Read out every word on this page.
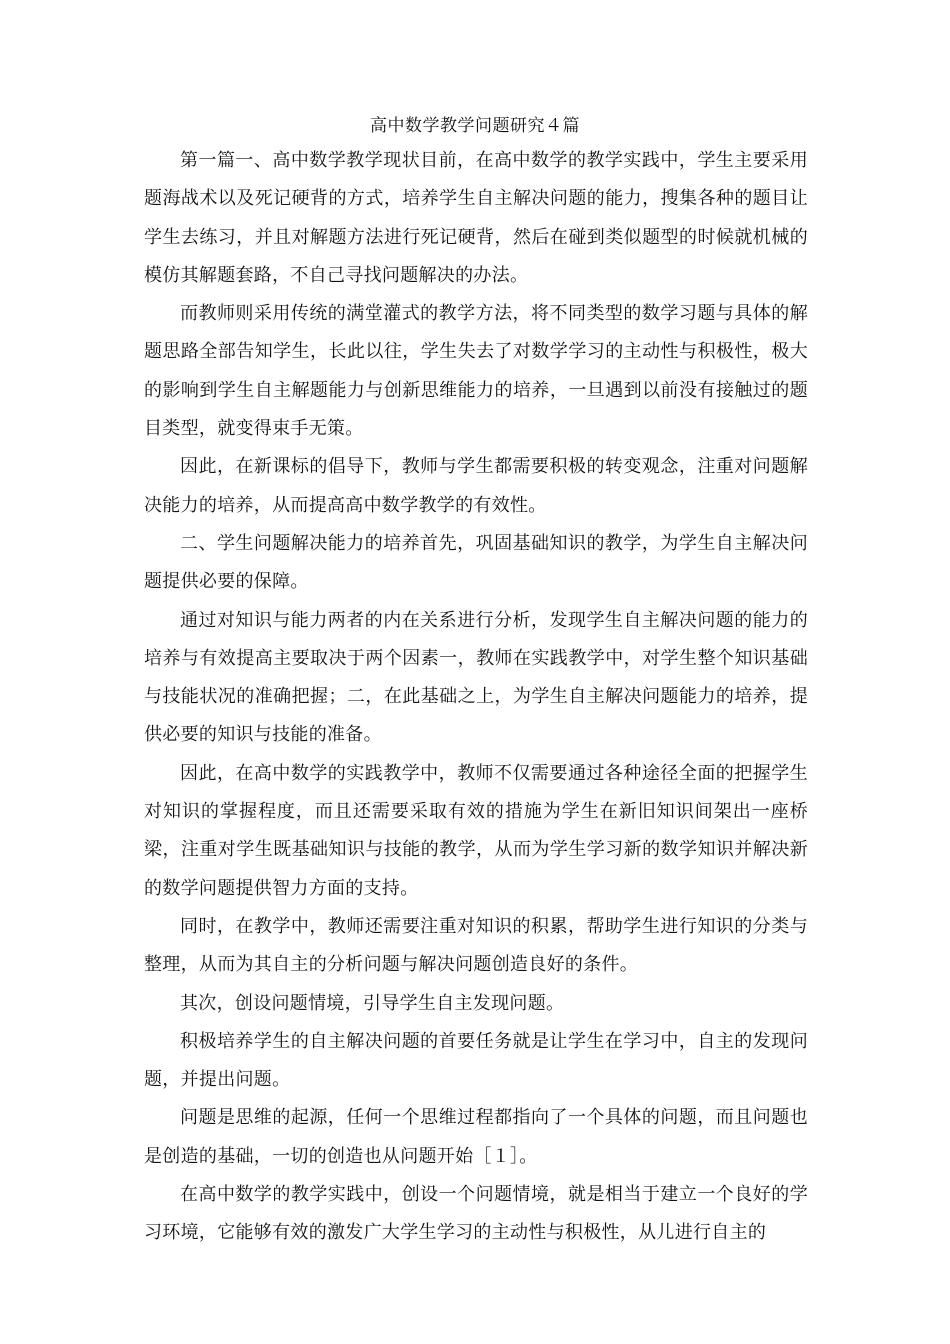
高中数学教学问题研究４篇

第一篇一、高中数学教学现状目前，在高中数学的教学实践中，学生主要采用题海战术以及死记硬背的方式，培养学生自主解决问题的能力，搜集各种的题目让学生去练习，并且对解题方法进行死记硬背，然后在碰到类似题型的时候就机械的模仿其解题套路，不自己寻找问题解决的办法。

而教师则采用传统的满堂灌式的教学方法，将不同类型的数学习题与具体的解题思路全部告知学生，长此以往，学生失去了对数学学习的主动性与积极性，极大的影响到学生自主解题能力与创新思维能力的培养，一旦遇到以前没有接触过的题目类型，就变得束手无策。

因此，在新课标的倡导下，教师与学生都需要积极的转变观念，注重对问题解决能力的培养，从而提高高中数学教学的有效性。

二、学生问题解决能力的培养首先，巩固基础知识的教学，为学生自主解决问题提供必要的保障。

通过对知识与能力两者的内在关系进行分析，发现学生自主解决问题的能力的培养与有效提高主要取决于两个因素一，教师在实践教学中，对学生整个知识基础与技能状况的准确把握；二，在此基础之上，为学生自主解决问题能力的培养，提供必要的知识与技能的准备。

因此，在高中数学的实践教学中，教师不仅需要通过各种途径全面的把握学生对知识的掌握程度，而且还需要采取有效的措施为学生在新旧知识间架出一座桥梁，注重对学生既基础知识与技能的教学，从而为学生学习新的数学知识并解决新的数学问题提供智力方面的支持。

同时，在教学中，教师还需要注重对知识的积累，帮助学生进行知识的分类与整理，从而为其自主的分析问题与解决问题创造良好的条件。

其次，创设问题情境，引导学生自主发现问题。

积极培养学生的自主解决问题的首要任务就是让学生在学习中，自主的发现问题，并提出问题。

问题是思维的起源，任何一个思维过程都指向了一个具体的问题，而且问题也是创造的基础，一切的创造也从问题开始［１］。

在高中数学的教学实践中，创设一个问题情境，就是相当于建立一个良好的学习环境，它能够有效的激发广大学生学习的主动性与积极性，从儿进行自主的
